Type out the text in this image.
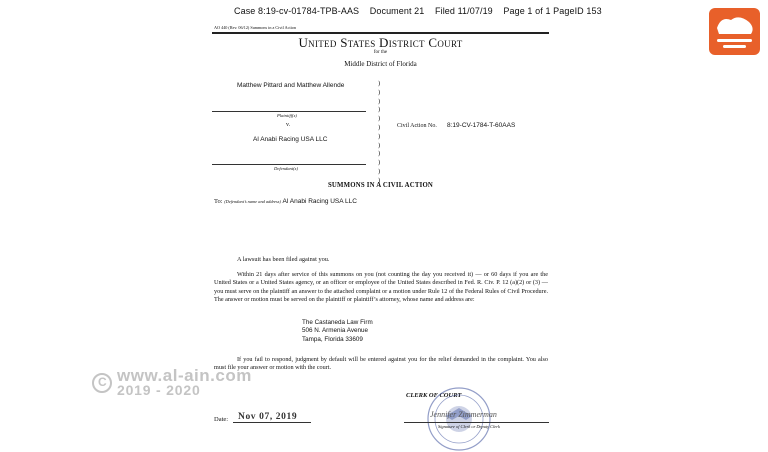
Case 8:19-cv-01784-TPB-AAS Document 21 Filed 11/07/19 Page 1 of 1 PageID 153
AO 440 (Rev. 06/12) Summons in a Civil Action
United States District Court
for the
Middle District of Florida
Matthew Pittard and Matthew Allende
Plaintiff(s)
v.
Al Anabi Racing USA LLC
Defendant(s)
)
)
)
)
)
)
)
)
)
)
)
)
Civil Action No. 8:19-CV-1784-T-60AAS
SUMMONS IN A CIVIL ACTION
To: (Defendant’s name and address) Al Anabi Racing USA LLC
A lawsuit has been filed against you.
Within 21 days after service of this summons on you (not counting the day you received it) — or 60 days if you are the United States or a United States agency, or an officer or employee of the United States described in Fed. R. Civ. P. 12 (a)(2) or (3) — you must serve on the plaintiff an answer to the attached complaint or a motion under Rule 12 of the Federal Rules of Civil Procedure. The answer or motion must be served on the plaintiff or plaintiff’s attorney, whose name and address are:
The Castaneda Law Firm
506 N. Armenia Avenue
Tampa, Florida 33609
If you fail to respond, judgment by default will be entered against you for the relief demanded in the complaint. You also must file your answer or motion with the court.
CLERK OF COURT
Jennifer Zimmerman
Signature of Clerk or Deputy Clerk
Date: Nov 07, 2019
C
www.al-ain.com
2019 - 2020
